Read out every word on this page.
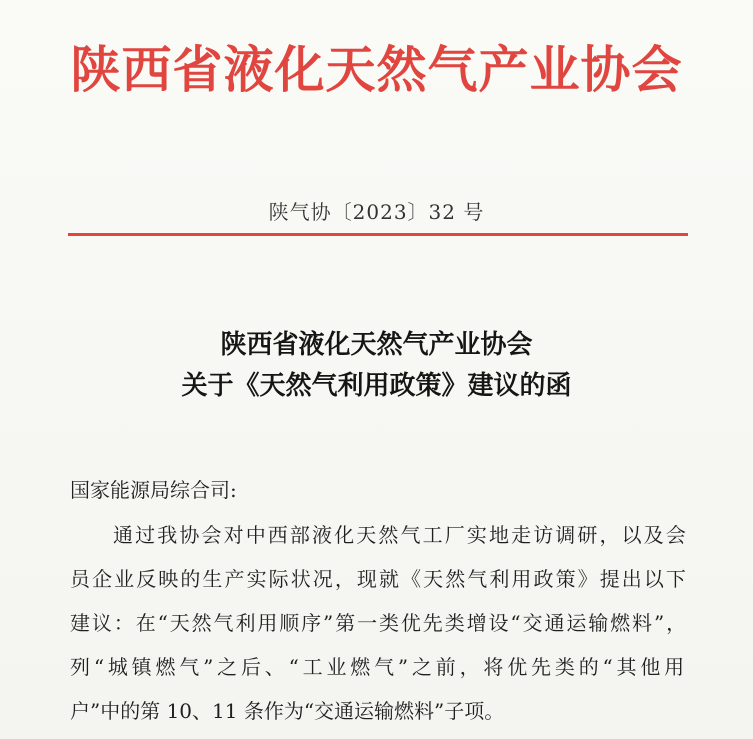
陕西省液化天然气产业协会
陕气协〔2023〕32 号
陕西省液化天然气产业协会
关于《天然气利用政策》建议的函
国家能源局综合司:
通过我协会对中西部液化天然气工厂实地走访调研，以及会
员企业反映的生产实际状况，现就《天然气利用政策》提出以下
建议：在“天然气利用顺序”第一类优先类增设“交通运输燃料”，
列“城镇燃气”之后、“工业燃气”之前，将优先类的“其他用
户”中的第 10、11 条作为“交通运输燃料”子项。
